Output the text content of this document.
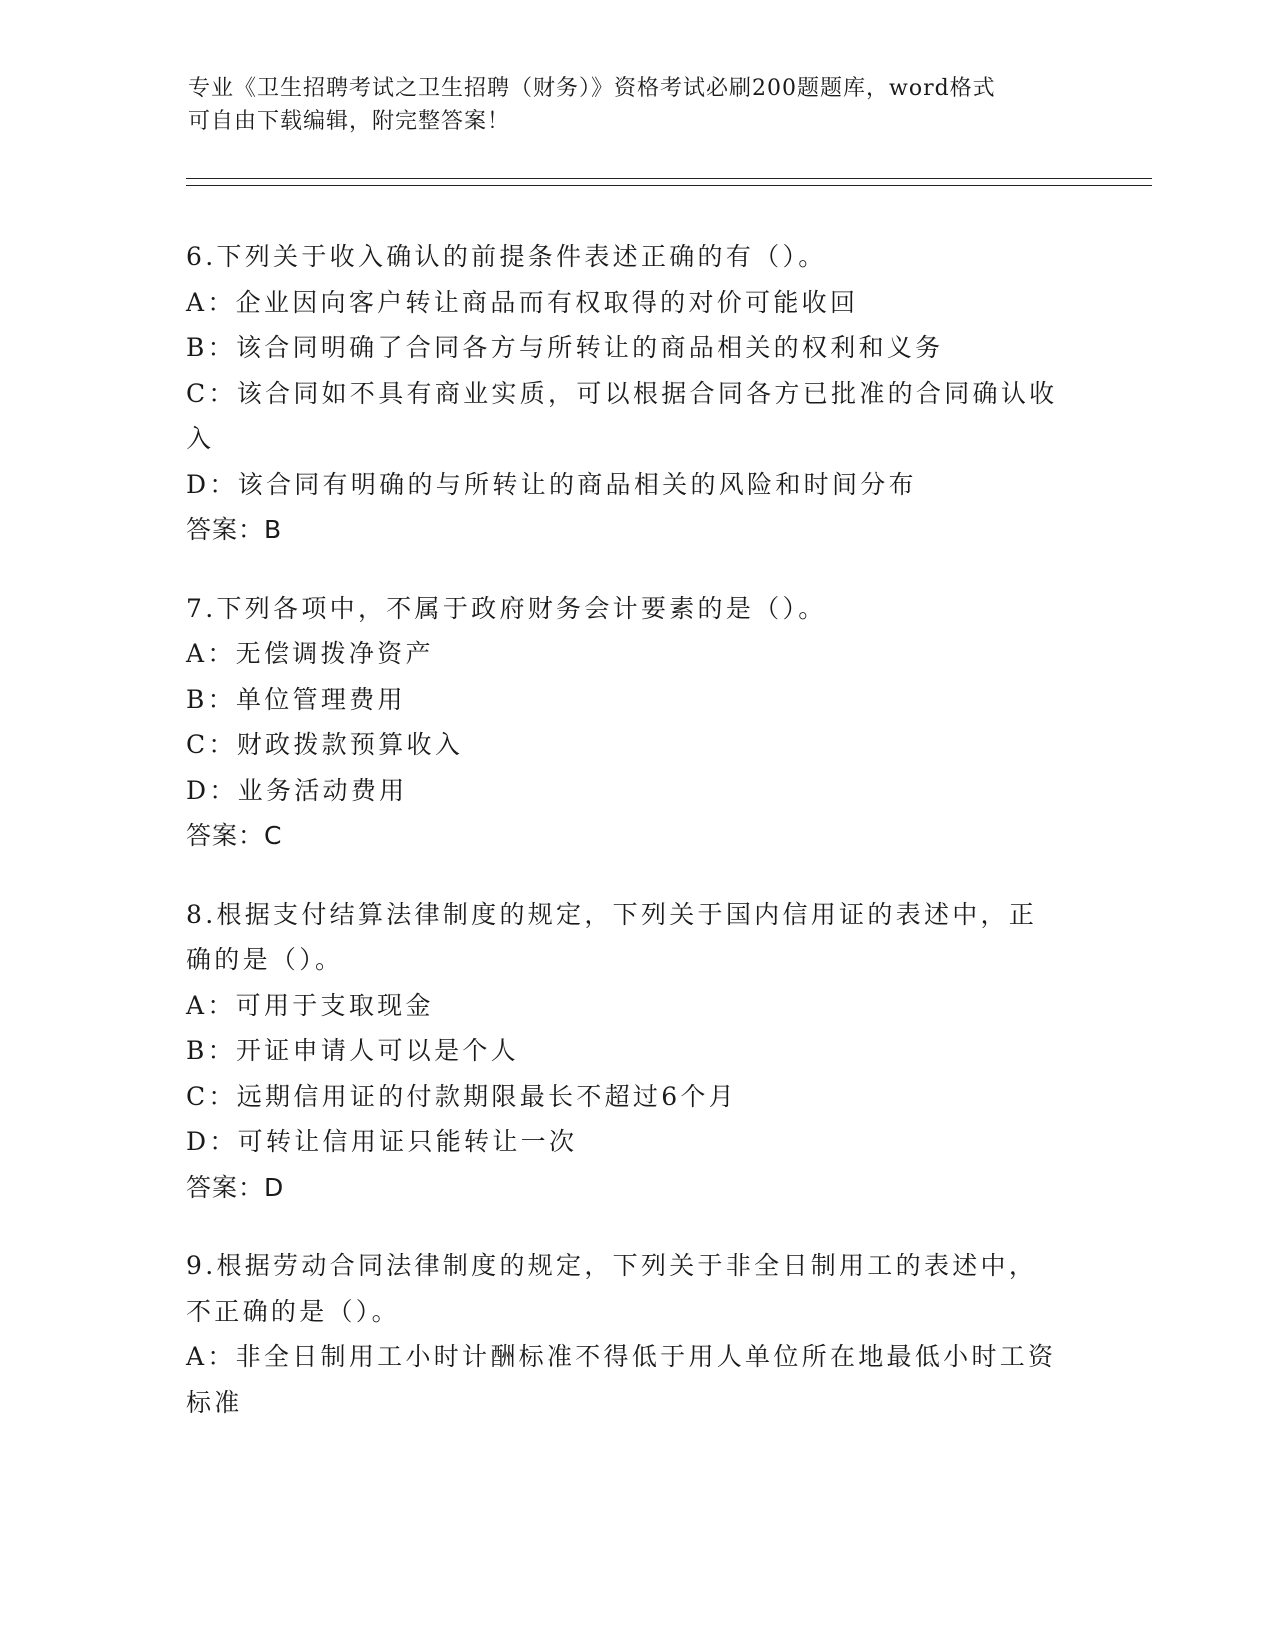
专业《卫生招聘考试之卫生招聘（财务）》资格考试必刷200题题库，word格式
可自由下载编辑，附完整答案！

6.下列关于收入确认的前提条件表述正确的有（）。

A：企业因向客户转让商品而有权取得的对价可能收回

B：该合同明确了合同各方与所转让的商品相关的权利和义务

C：该合同如不具有商业实质，可以根据合同各方已批准的合同确认收

入

D：该合同有明确的与所转让的商品相关的风险和时间分布

答案：B

7.下列各项中，不属于政府财务会计要素的是（）。

A：无偿调拨净资产

B：单位管理费用

C：财政拨款预算收入

D：业务活动费用

答案：C

8.根据支付结算法律制度的规定，下列关于国内信用证的表述中，正

确的是（）。

A：可用于支取现金

B：开证申请人可以是个人

C：远期信用证的付款期限最长不超过6个月

D：可转让信用证只能转让一次

答案：D

9.根据劳动合同法律制度的规定，下列关于非全日制用工的表述中，

不正确的是（）。

A：非全日制用工小时计酬标准不得低于用人单位所在地最低小时工资

标准
